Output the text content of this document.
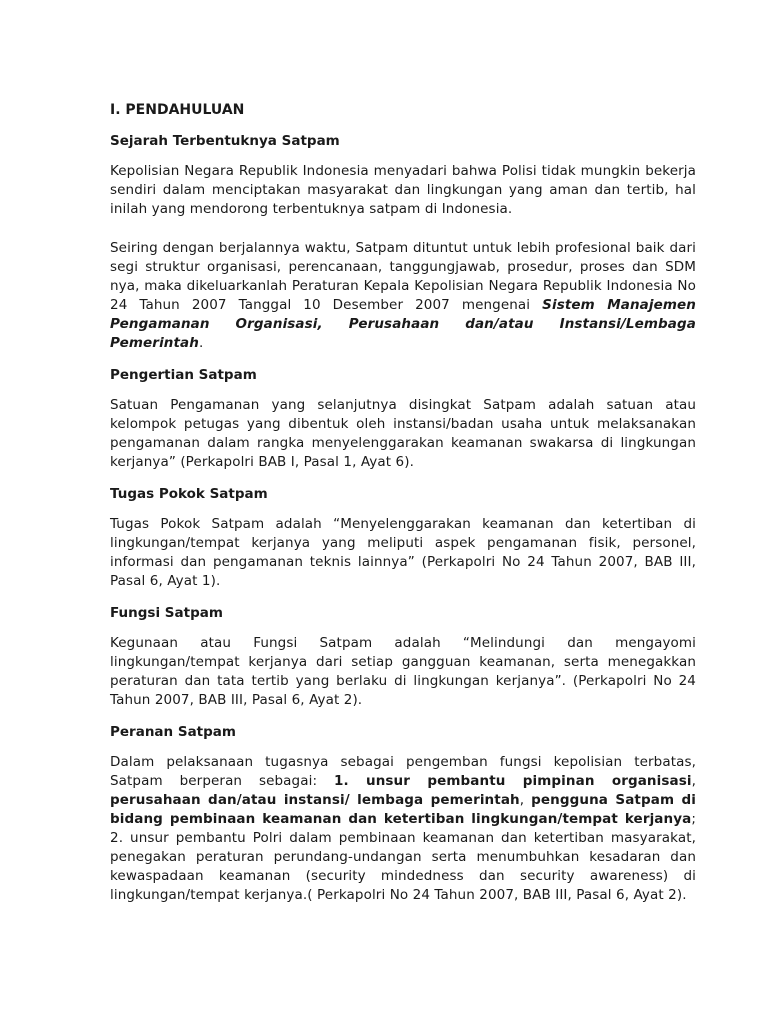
I. PENDAHULUAN
Sejarah Terbentuknya Satpam

Kepolisian Negara Republik Indonesia menyadari bahwa Polisi tidak mungkin bekerja sendiri dalam menciptakan masyarakat dan lingkungan yang aman dan tertib, hal inilah yang mendorong terbentuknya satpam di Indonesia.

Seiring dengan berjalannya waktu, Satpam dituntut untuk lebih profesional baik dari segi struktur organisasi, perencanaan, tanggungjawab, prosedur, proses dan SDM nya, maka dikeluarkanlah Peraturan Kepala Kepolisian Negara Republik Indonesia No 24 Tahun 2007 Tanggal 10 Desember 2007 mengenai Sistem Manajemen Pengamanan Organisasi, Perusahaan dan/atau Instansi/Lembaga Pemerintah.

Pengertian Satpam

Satuan Pengamanan yang selanjutnya disingkat Satpam adalah satuan atau kelompok petugas yang dibentuk oleh instansi/badan usaha untuk melaksanakan pengamanan dalam rangka menyelenggarakan keamanan swakarsa di lingkungan kerjanya” (Perkapolri BAB I, Pasal 1, Ayat 6).

Tugas Pokok Satpam

Tugas Pokok Satpam adalah “Menyelenggarakan keamanan dan ketertiban di lingkungan/tempat kerjanya yang meliputi aspek pengamanan fisik, personel, informasi dan pengamanan teknis lainnya” (Perkapolri No 24 Tahun 2007, BAB III, Pasal 6, Ayat 1).

Fungsi Satpam

Kegunaan atau Fungsi Satpam adalah “Melindungi dan mengayomi lingkungan/tempat kerjanya dari setiap gangguan keamanan, serta menegakkan peraturan dan tata tertib yang berlaku di lingkungan kerjanya”. (Perkapolri No 24 Tahun 2007, BAB III, Pasal 6, Ayat 2).

Peranan Satpam

Dalam pelaksanaan tugasnya sebagai pengemban fungsi kepolisian terbatas, Satpam berperan sebagai: 1. unsur pembantu pimpinan organisasi, perusahaan dan/atau instansi/ lembaga pemerintah, pengguna Satpam di bidang pembinaan keamanan dan ketertiban lingkungan/tempat kerjanya; 2. unsur pembantu Polri dalam pembinaan keamanan dan ketertiban masyarakat, penegakan peraturan perundang-undangan serta menumbuhkan kesadaran dan kewaspadaan keamanan (security mindedness dan security awareness) di lingkungan/tempat kerjanya.( Perkapolri No 24 Tahun 2007, BAB III, Pasal 6, Ayat 2).
